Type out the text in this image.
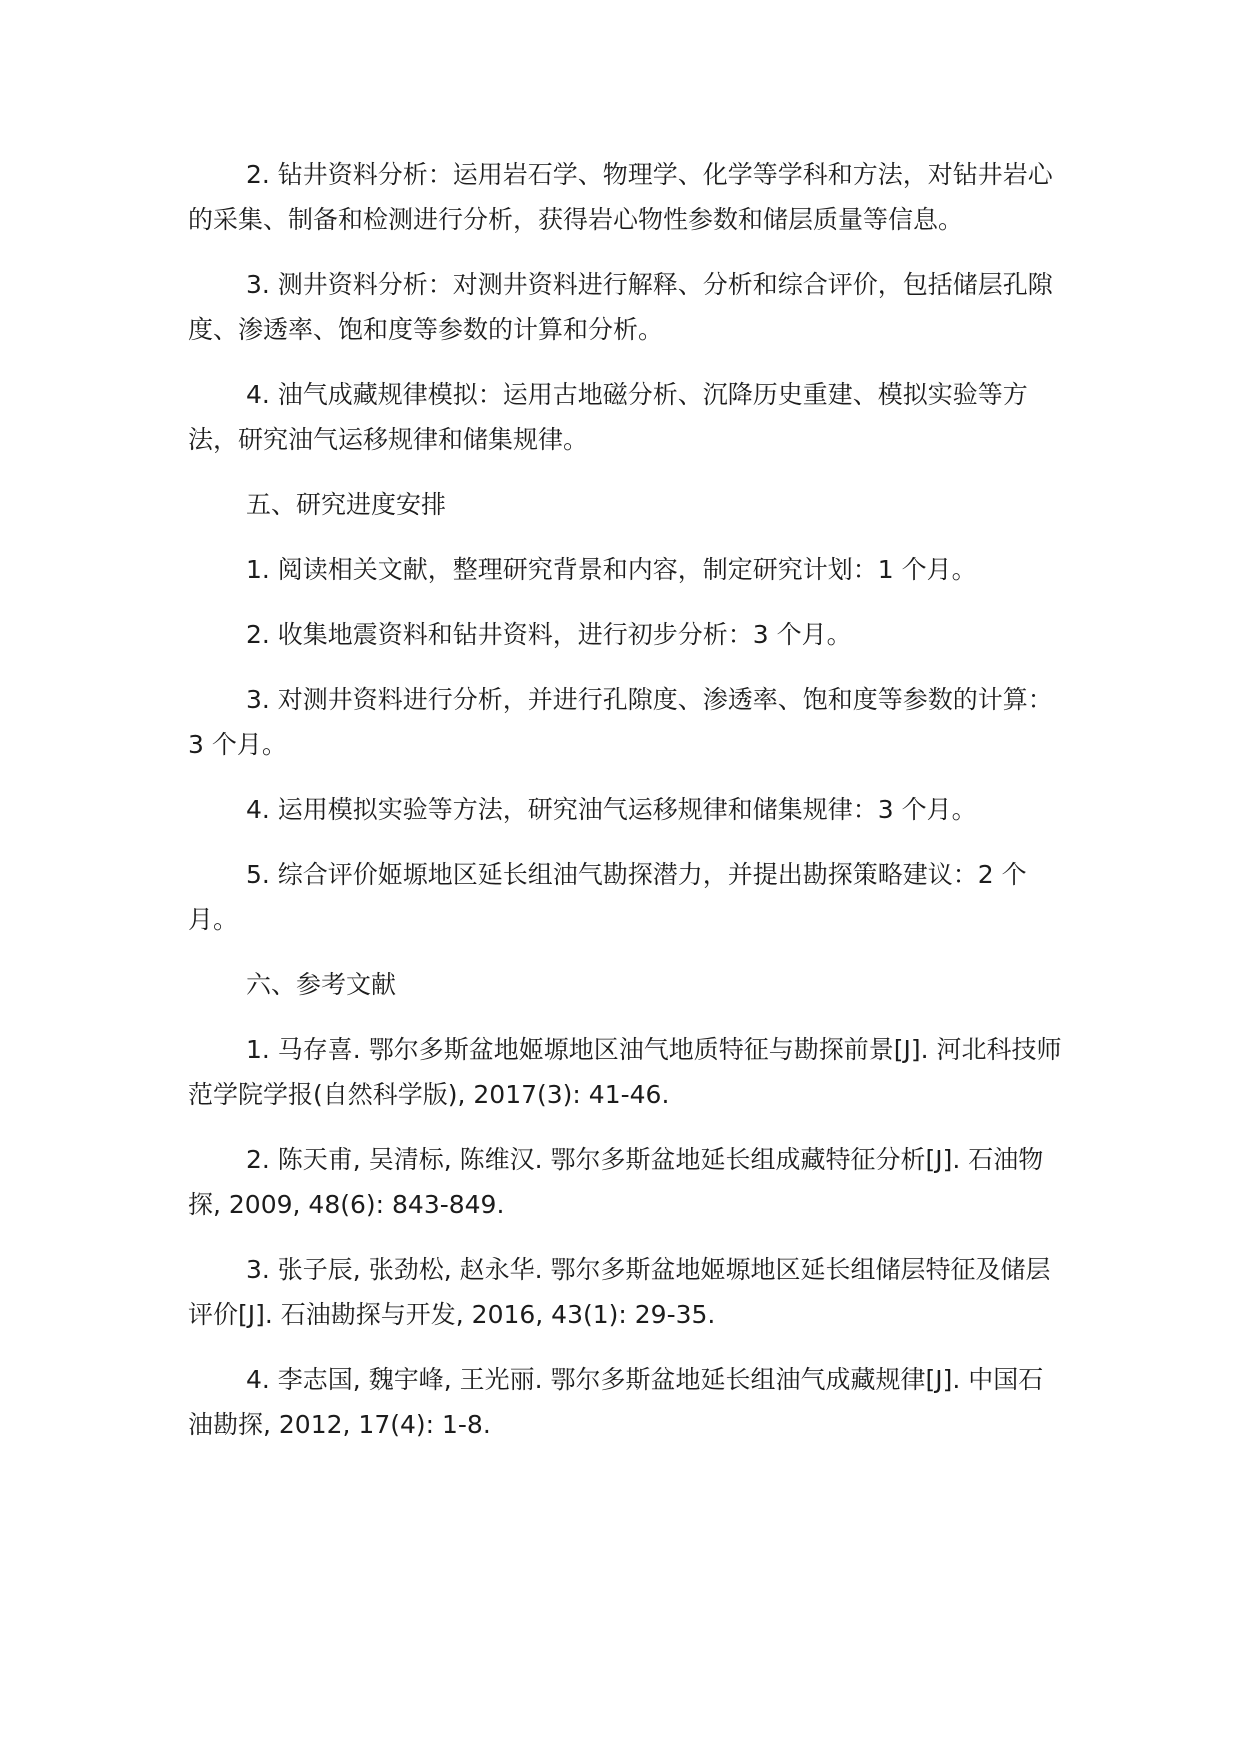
2. 钻井资料分析：运用岩石学、物理学、化学等学科和方法，对钻井岩心的采集、制备和检测进行分析，获得岩心物性参数和储层质量等信息。

3. 测井资料分析：对测井资料进行解释、分析和综合评价，包括储层孔隙度、渗透率、饱和度等参数的计算和分析。

4. 油气成藏规律模拟：运用古地磁分析、沉降历史重建、模拟实验等方法，研究油气运移规律和储集规律。

五、研究进度安排

1. 阅读相关文献，整理研究背景和内容，制定研究计划：1 个月。

2. 收集地震资料和钻井资料，进行初步分析：3 个月。

3. 对测井资料进行分析，并进行孔隙度、渗透率、饱和度等参数的计算：3 个月。

4. 运用模拟实验等方法，研究油气运移规律和储集规律：3 个月。

5. 综合评价姬塬地区延长组油气勘探潜力，并提出勘探策略建议：2 个月。

六、参考文献

1. 马存喜. 鄂尔多斯盆地姬塬地区油气地质特征与勘探前景[J]. 河北科技师范学院学报(自然科学版), 2017(3): 41-46.

2. 陈天甫, 吴清标, 陈维汉. 鄂尔多斯盆地延长组成藏特征分析[J]. 石油物探, 2009, 48(6): 843-849.

3. 张子辰, 张劲松, 赵永华. 鄂尔多斯盆地姬塬地区延长组储层特征及储层评价[J]. 石油勘探与开发, 2016, 43(1): 29-35.

4. 李志国, 魏宇峰, 王光丽. 鄂尔多斯盆地延长组油气成藏规律[J]. 中国石油勘探, 2012, 17(4): 1-8.
